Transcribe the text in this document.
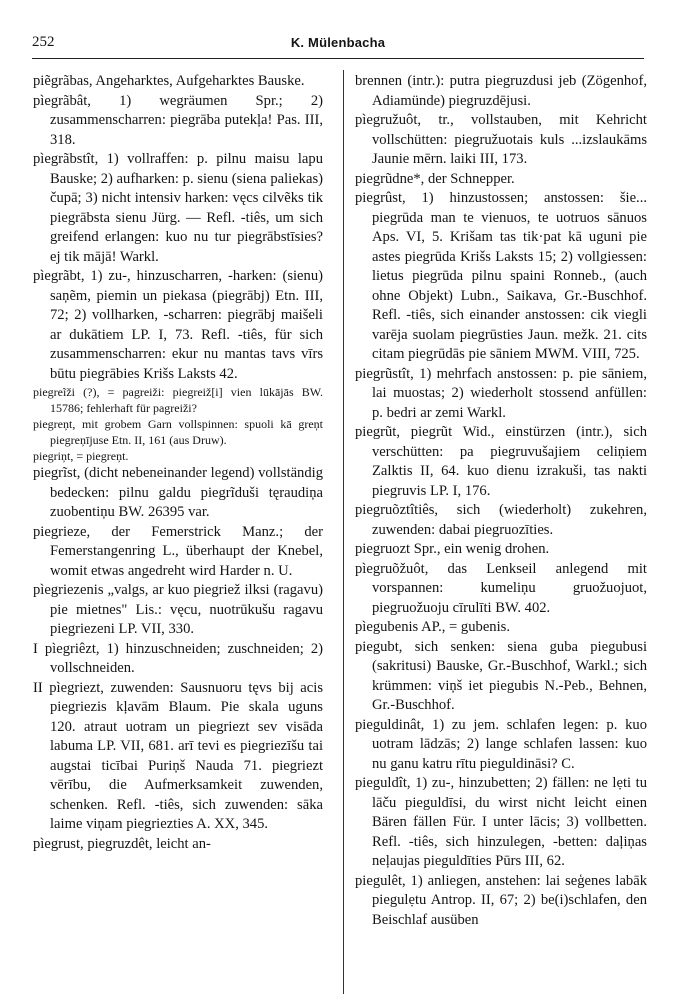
252	K. Mülenbacha

piẽgrãbas, Angeharktes, Aufgeharktes Bauske.

pìegrãbât, 1) wegräumen Spr.; 2) zusammenscharren: piegrāba putekļa! Pas. III, 318.

pìegrãbstît, 1) vollraffen: p. pilnu maisu lapu Bauske; 2) aufharken: p. sienu (siena paliekas) čupā; 3) nicht intensiv harken: vęcs cilvẽks tik piegrābsta sienu Jürg. — Refl. -tiês, um sich greifend erlangen: kuo nu tur piegrābstīsies? ej tik mājā! Warkl.

pìegrãbt, 1) zu-, hinzuscharren, -harken: (sienu) saņẽm, piemin un piekasa (piegrābj) Etn. III, 72; 2) vollharken, -scharren: piegrābj maišeli ar dukātiem LP. I, 73. Refl. -tiês, für sich zusammenscharren: ekur nu mantas tavs vīrs būtu piegrābies Krišs Laksts 42.

piegreĩži (?), = pagreiži: piegreiž[i] vien lūkājās BW. 15786; fehlerhaft für pagreiži?

piegreņt, mit grobem Garn vollspinnen: spuoli kā greņt piegreņījuse Etn. II, 161 (aus Druw).

piegriņt, = piegreņt.

piegrĩst, (dicht nebeneinander legend) vollständig bedecken: pilnu galdu piegrĩduši tęraudiņa zuobentiņu BW. 26395 var.

piegrieze, der Femerstrick Manz.; der Femerstangenring L., überhaupt der Knebel, womit etwas angedreht wird Harder n. U.

pìegriezenis „valgs, ar kuo piegriež ilksi (ragavu) pie mietnes" Lis.: vęcu, nuotrūkušu ragavu piegriezeni LP. VII, 330.

I pìegriêzt, 1) hinzuschneiden; zuschneiden; 2) vollschneiden.

II pìegriezt, zuwenden: Sausnuoru tęvs bij acis piegriezis kļavām Blaum. Pie skala uguns 120. atraut uotram un piegriezt sev visāda labuma LP. VII, 681. arī tevi es piegriezīšu tai augstai ticībai Puriņš Nauda 71. piegriezt vērību, die Aufmerksamkeit zuwenden, schenken. Refl. -tiês, sich zuwenden: sāka laime viņam piegriezties A. XX, 345.

pìegrust, piegruzdêt, leicht an-

brennen (intr.): putra piegruzdusi jeb (Zögenhof, Adiamünde) piegruzdējusi.

pìegružuôt, tr., vollstauben, mit Kehricht vollschütten: piegružuotais kuls ...izslaukāms Jaunie mērn. laiki III, 173.

piegrũdne*, der Schnepper.

piegrûst, 1) hinzustossen; anstossen: šie... piegrūda man te vienuos, te uotruos sānuos Aps. VI, 5. Krišam tas tik·pat kā uguni pie astes piegrūda Krišs Laksts 15; 2) vollgiessen: lietus piegrūda pilnu spaini Ronneb., (auch ohne Objekt) Lubn., Saikava, Gr.-Buschhof. Refl. -tiês, sich einander anstossen: cik viegli varēja suolam piegrūsties Jaun. mežk. 21. cits citam piegrūdās pie sāniem MWM. VIII, 725.

piegrũstît, 1) mehrfach anstossen: p. pie sāniem, lai muostas; 2) wiederholt stossend anfüllen: p. bedri ar zemi Warkl.

piegrũt, piegrũt Wid., einstürzen (intr.), sich verschütten: pa piegruvušajiem celiņiem Zalktis II, 64. kuo dienu izrakuši, tas nakti piegruvis LP. I, 176.

piegruõztîtiês, sich (wiederholt) zukehren, zuwenden: dabai piegruozīties.

piegruozt Spr., ein wenig drohen.

pìegruõžuôt, das Lenkseil anlegend mit vorspannen: kumeliņu gruožuojuot, piegruožuoju cīrulīti BW. 402.

pìegubenis AP., = gubenis.

piegubt, sich senken: siena guba piegubusi (sakritusi) Bauske, Gr.-Buschhof, Warkl.; sich krümmen: viņš iet piegubis N.-Peb., Behnen, Gr.-Buschhof.

pieguldinât, 1) zu jem. schlafen legen: p. kuo uotram lādzās; 2) lange schlafen lassen: kuo nu ganu katru rītu pieguldināsi? C.

pieguldît, 1) zu-, hinzubetten; 2) fällen: ne lẹti tu lāču pieguldīsi, du wirst nicht leicht einen Bären fällen Für. I unter lācis; 3) vollbetten. Refl. -tiês, sich hinzulegen, -betten: daļiņas neļaujas pieguldīties Pūrs III, 62.

piegulêt, 1) anliegen, anstehen: lai seģenes labāk piegulẹtu Antrop. II, 67; 2) be(i)schlafen, den Beischlaf ausüben
